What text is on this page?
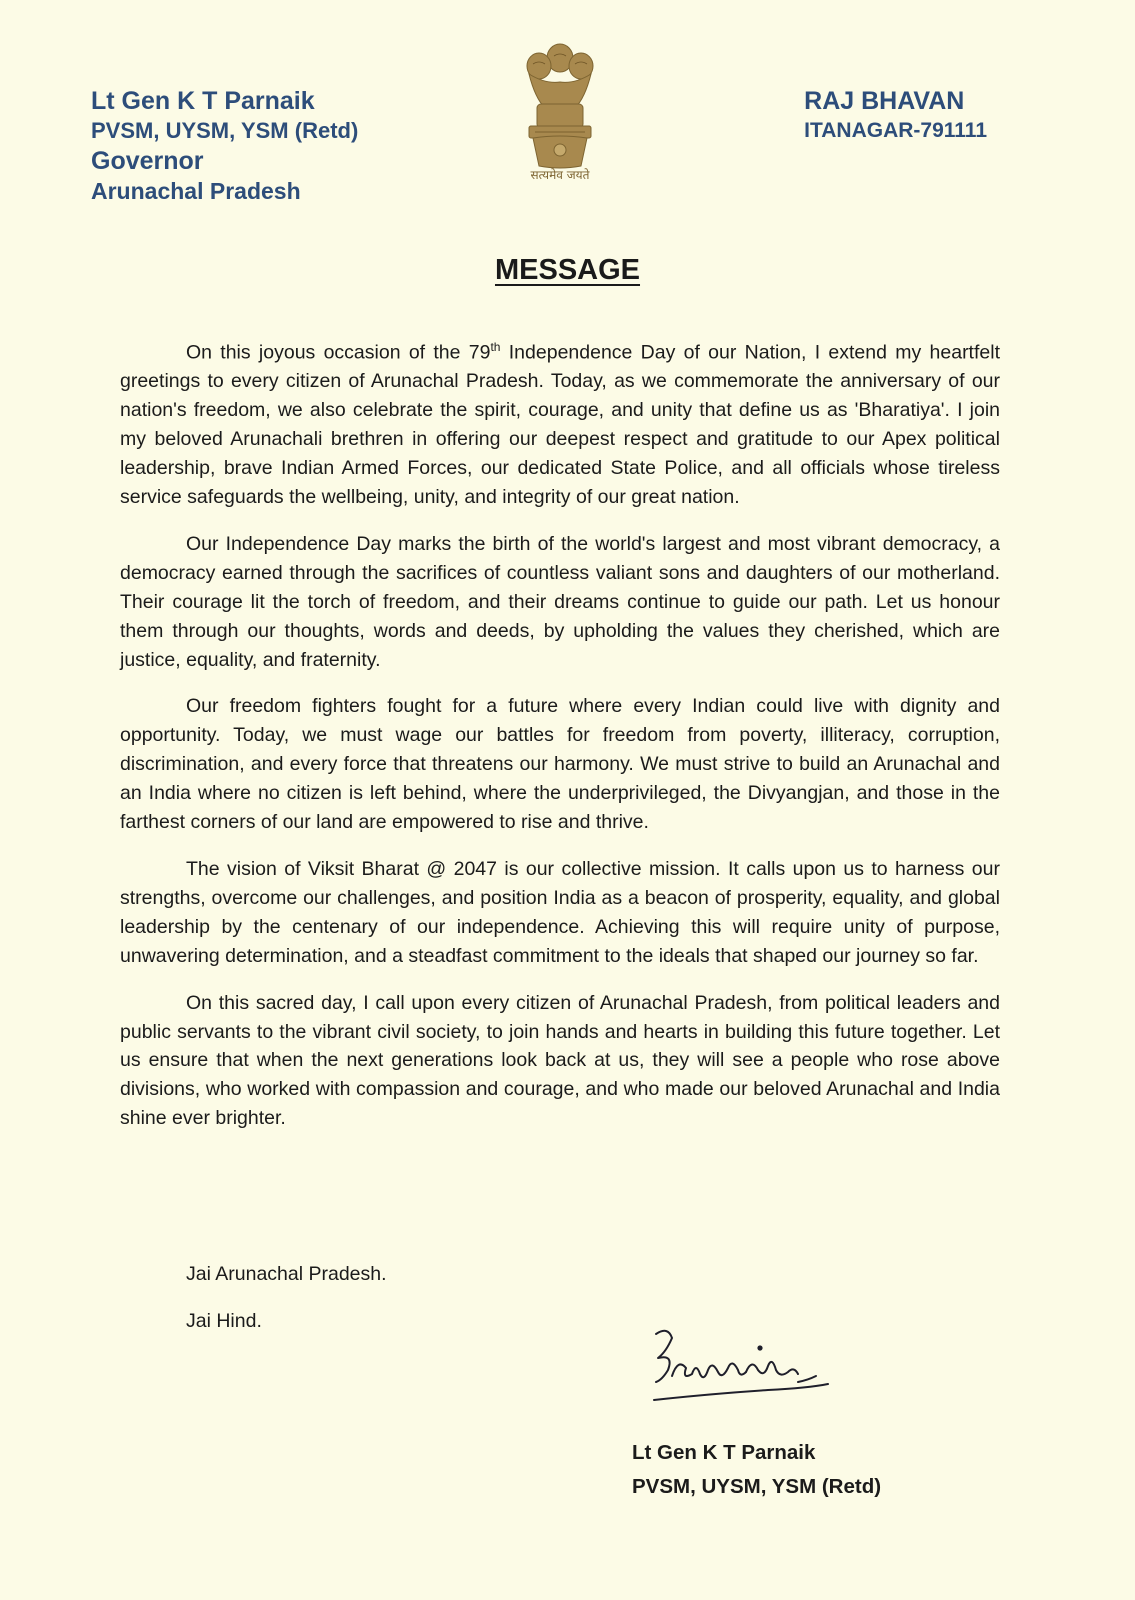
Lt Gen K T Parnaik
PVSM, UYSM, YSM (Retd)
Governor
Arunachal Pradesh
सत्यमेव जयते
RAJ BHAVAN
ITANAGAR-791111
MESSAGE

On this joyous occasion of the 79th Independence Day of our Nation, I extend my heartfelt greetings to every citizen of Arunachal Pradesh. Today, as we commemorate the anniversary of our nation's freedom, we also celebrate the spirit, courage, and unity that define us as 'Bharatiya'. I join my beloved Arunachali brethren in offering our deepest respect and gratitude to our Apex political leadership, brave Indian Armed Forces, our dedicated State Police, and all officials whose tireless service safeguards the wellbeing, unity, and integrity of our great nation.

Our Independence Day marks the birth of the world's largest and most vibrant democracy, a democracy earned through the sacrifices of countless valiant sons and daughters of our motherland. Their courage lit the torch of freedom, and their dreams continue to guide our path. Let us honour them through our thoughts, words and deeds, by upholding the values they cherished, which are justice, equality, and fraternity.

Our freedom fighters fought for a future where every Indian could live with dignity and opportunity. Today, we must wage our battles for freedom from poverty, illiteracy, corruption, discrimination, and every force that threatens our harmony. We must strive to build an Arunachal and an India where no citizen is left behind, where the underprivileged, the Divyangjan, and those in the farthest corners of our land are empowered to rise and thrive.

The vision of Viksit Bharat @ 2047 is our collective mission. It calls upon us to harness our strengths, overcome our challenges, and position India as a beacon of prosperity, equality, and global leadership by the centenary of our independence. Achieving this will require unity of purpose, unwavering determination, and a steadfast commitment to the ideals that shaped our journey so far.

On this sacred day, I call upon every citizen of Arunachal Pradesh, from political leaders and public servants to the vibrant civil society, to join hands and hearts in building this future together. Let us ensure that when the next generations look back at us, they will see a people who rose above divisions, who worked with compassion and courage, and who made our beloved Arunachal and India shine ever brighter.

Jai Arunachal Pradesh.
Jai Hind.
Lt Gen K T Parnaik
PVSM, UYSM, YSM (Retd)
